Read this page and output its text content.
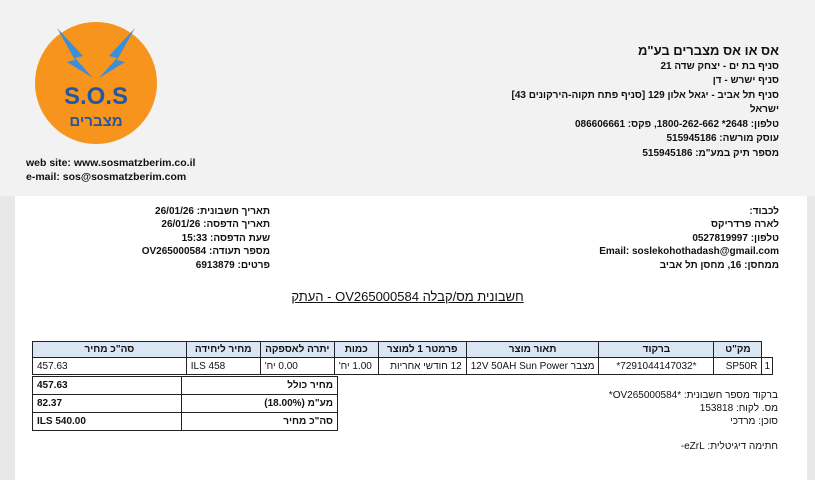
S.O.S
מצברים
web site: www.sosmatzberim.co.il
e-mail: sos@sosmatzberim.com
אס או אס מצברים בע"מ
סניף בת ים - יצחק שדה 21
סניף ישרש - דן
סניף תל אביב - יגאל אלון 129 [סניף פתח תקוה-הירקונים 43]
ישראל
טלפון: 2648* 1800-262-662, פקס: 086606661
עוסק מורשה: 515945186
מספר תיק במע"מ: 515945186
לכבוד:
לארה פרדריקס
טלפון: 0527819997
Email: soslekohothadash@gmail.com
ממחסן: 16, מחסן תל אביב
תאריך חשבונית: 26/01/26
תאריך הדפסה: 26/01/26
שעת הדפסה: 15:33
מספר תעודה: OV265000584
פרטים: 6913879
חשבונית מס/קבלה OV265000584 - העתק
	מק"ט	ברקוד	תאור מוצר	פרמטר 1 למוצר	כמות	יתרה לאספקה	מחיר ליחידה	סה"כ מחיר
1	SP50R	*7291044147032*	מצבר 12V 50AH Sun Power	12 חודשי אחריות	1.00 יח'	0.00 יח'	ILS 458	457.63
מחיר כולל	457.63
מע"מ (18.00%)	82.37
סה"כ מחיר	ILS 540.00
ברקוד מספר חשבונית: *OV265000584*
מס. לקוח: 153818
סוכן: מרדכי
חתימה דיגיטלית: eZrL-
